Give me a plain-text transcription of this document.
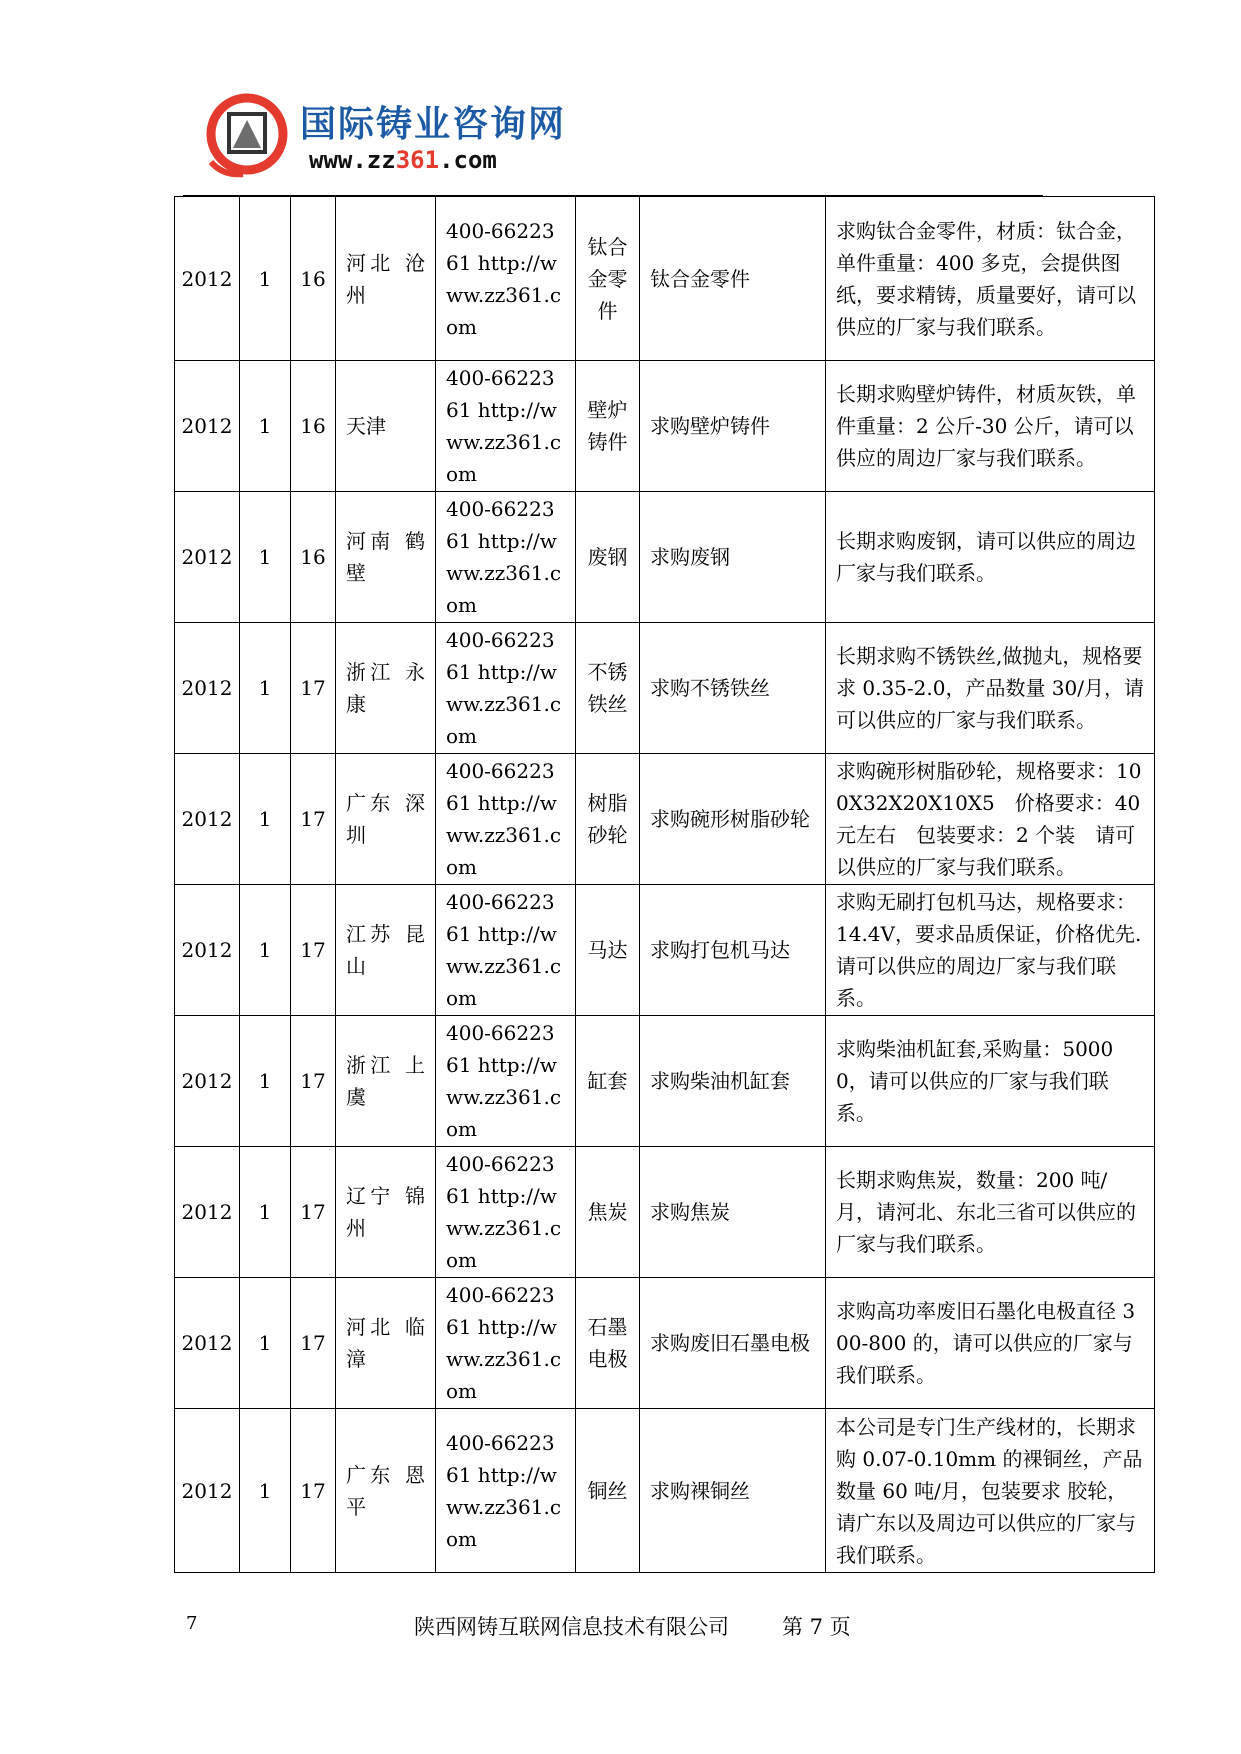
国际铸业咨询网
www.zz361.com
2012	1	16	河北 沧州	400-6622361 http://www.zz361.com	钛合金零件	钛合金零件	求购钛合金零件，材质：钛合金，单件重量：400 多克，会提供图纸，要求精铸，质量要好，请可以供应的厂家与我们联系。
2012	1	16	天津	400-6622361 http://www.zz361.com	壁炉铸件	求购壁炉铸件	长期求购壁炉铸件，材质灰铁，单件重量：2 公斤-30 公斤，请可以供应的周边厂家与我们联系。
2012	1	16	河南 鹤壁	400-6622361 http://www.zz361.com	废钢	求购废钢	长期求购废钢，请可以供应的周边厂家与我们联系。
2012	1	17	浙江 永康	400-6622361 http://www.zz361.com	不锈铁丝	求购不锈铁丝	长期求购不锈铁丝,做抛丸，规格要求 0.35-2.0，产品数量 30/月，请可以供应的厂家与我们联系。
2012	1	17	广东 深圳	400-6622361 http://www.zz361.com	树脂砂轮	求购碗形树脂砂轮	求购碗形树脂砂轮，规格要求：100X32X20X10X5　价格要求：40 元左右　包装要求：2 个装　请可以供应的厂家与我们联系。
2012	1	17	江苏 昆山	400-6622361 http://www.zz361.com	马达	求购打包机马达	求购无刷打包机马达，规格要求：14.4V，要求品质保证，价格优先.请可以供应的周边厂家与我们联系。
2012	1	17	浙江 上虞	400-6622361 http://www.zz361.com	缸套	求购柴油机缸套	求购柴油机缸套,采购量：50000，请可以供应的厂家与我们联系。
2012	1	17	辽宁 锦州	400-6622361 http://www.zz361.com	焦炭	求购焦炭	长期求购焦炭，数量：200 吨/月，请河北、东北三省可以供应的厂家与我们联系。
2012	1	17	河北 临漳	400-6622361 http://www.zz361.com	石墨电极	求购废旧石墨电极	求购高功率废旧石墨化电极直径 300-800 的，请可以供应的厂家与我们联系。
2012	1	17	广东 恩平	400-6622361 http://www.zz361.com	铜丝	求购裸铜丝	本公司是专门生产线材的，长期求购 0.07-0.10mm 的裸铜丝，产品数量 60 吨/月，包装要求 胶轮，请广东以及周边可以供应的厂家与我们联系。
7	陕西网铸互联网信息技术有限公司	第 7 页
